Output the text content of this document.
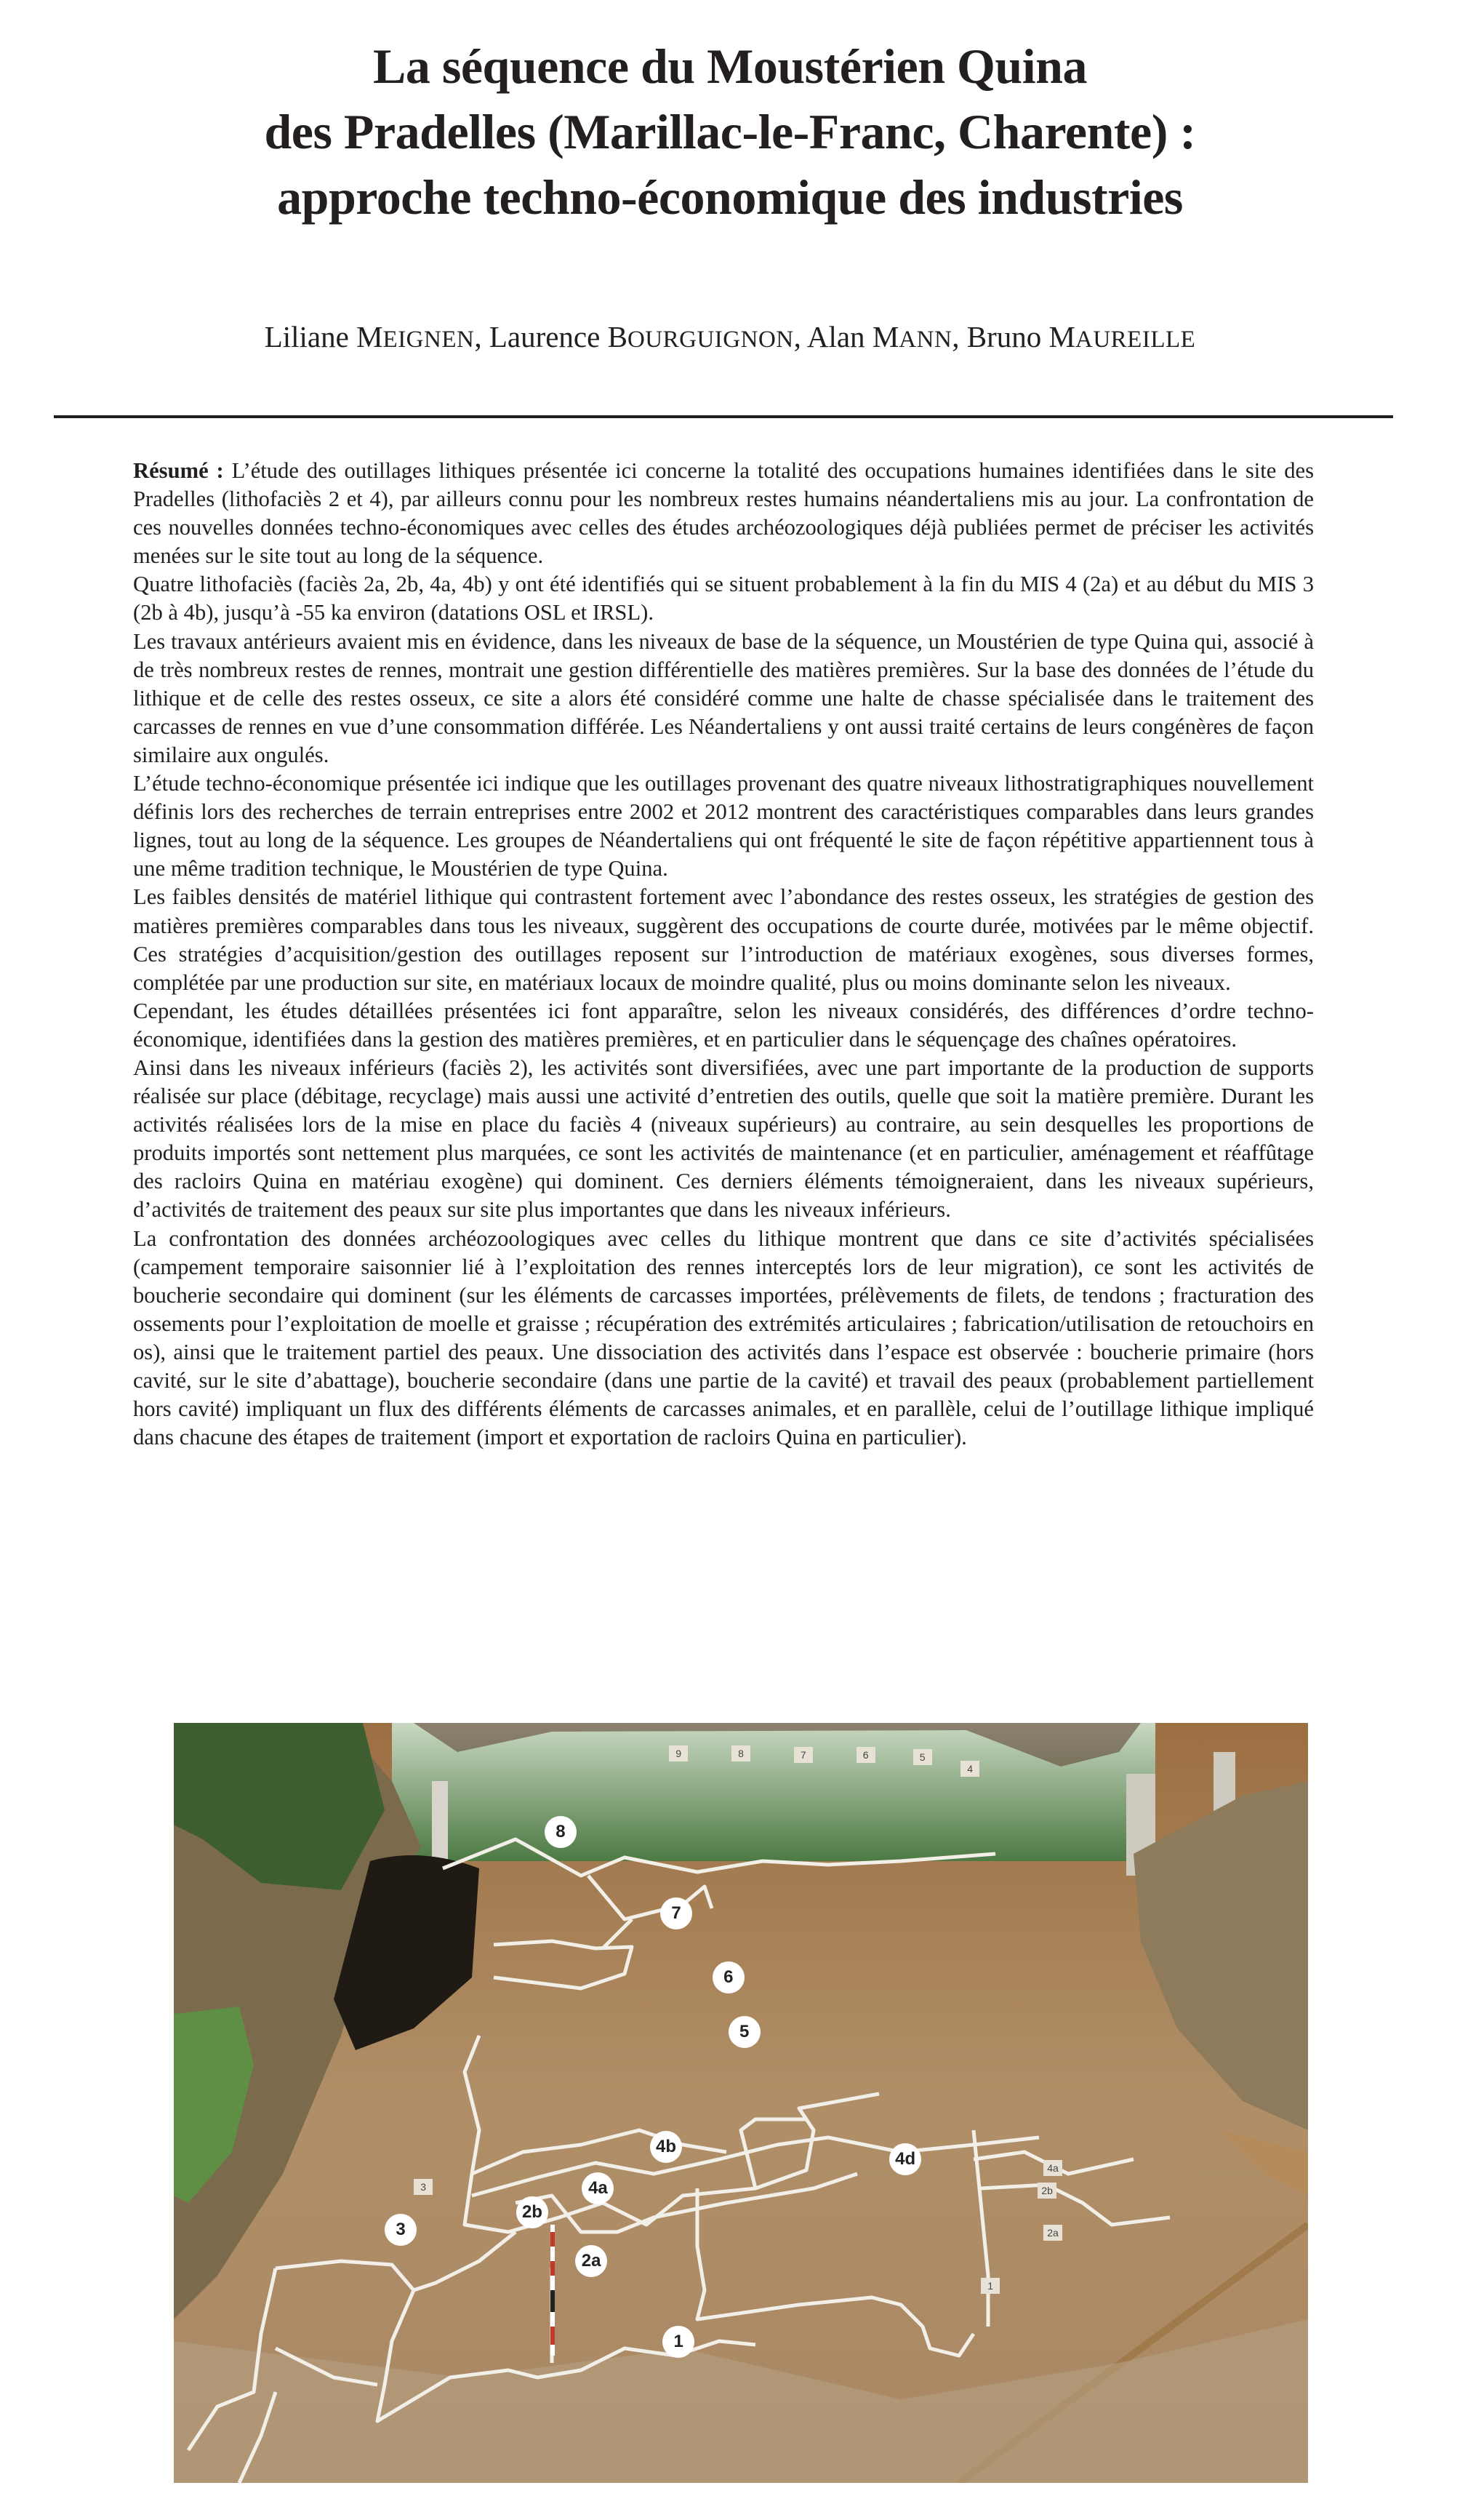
La séquence du Moustérien Quina
des Pradelles (Marillac-le-Franc, Charente) :
approche techno-économique des industries
Liliane MEIGNEN, Laurence BOURGUIGNON, Alan MANN, Bruno MAUREILLE

Résumé : L’étude des outillages lithiques présentée ici concerne la totalité des occupations humaines identifiées dans le site des Pradelles (lithofaciès 2 et 4), par ailleurs connu pour les nombreux restes humains néandertaliens mis au jour. La confrontation de ces nouvelles données techno-économiques avec celles des études archéozoologiques déjà publiées permet de préciser les activités menées sur le site tout au long de la séquence.

Quatre lithofaciès (faciès 2a, 2b, 4a, 4b) y ont été identifiés qui se situent probablement à la fin du MIS 4 (2a) et au début du MIS 3 (2b à 4b), jusqu’à -55 ka environ (datations OSL et IRSL).

Les travaux antérieurs avaient mis en évidence, dans les niveaux de base de la séquence, un Moustérien de type Quina qui, associé à de très nombreux restes de rennes, montrait une gestion différentielle des matières premières. Sur la base des données de l’étude du lithique et de celle des restes osseux, ce site a alors été considéré comme une halte de chasse spécialisée dans le traitement des carcasses de rennes en vue d’une consommation différée. Les Néandertaliens y ont aussi traité certains de leurs congénères de façon similaire aux ongulés.

L’étude techno-économique présentée ici indique que les outillages provenant des quatre niveaux lithostratigraphiques nouvellement définis lors des recherches de terrain entreprises entre 2002 et 2012 montrent des caractéristiques comparables dans leurs grandes lignes, tout au long de la séquence. Les groupes de Néandertaliens qui ont fréquenté le site de façon répétitive appartiennent tous à une même tradition technique, le Moustérien de type Quina.

Les faibles densités de matériel lithique qui contrastent fortement avec l’abondance des restes osseux, les stratégies de gestion des matières premières comparables dans tous les niveaux, suggèrent des occupations de courte durée, motivées par le même objectif. Ces stratégies d’acquisition/gestion des outillages reposent sur l’introduction de matériaux exogènes, sous diverses formes, complétée par une production sur site, en matériaux locaux de moindre qualité, plus ou moins dominante selon les niveaux.

Cependant, les études détaillées présentées ici font apparaître, selon les niveaux considérés, des différences d’ordre techno-économique, identifiées dans la gestion des matières premières, et en particulier dans le séquençage des chaînes opératoires.

Ainsi dans les niveaux inférieurs (faciès 2), les activités sont diversifiées, avec une part importante de la production de supports réalisée sur place (débitage, recyclage) mais aussi une activité d’entretien des outils, quelle que soit la matière première. Durant les activités réalisées lors de la mise en place du faciès 4 (niveaux supérieurs) au contraire, au sein desquelles les proportions de produits importés sont nettement plus marquées, ce sont les activités de maintenance (et en particulier, aménagement et réaffûtage des racloirs Quina en matériau exogène) qui dominent. Ces derniers éléments témoigneraient, dans les niveaux supérieurs, d’activités de traitement des peaux sur site plus importantes que dans les niveaux inférieurs.

La confrontation des données archéozoologiques avec celles du lithique montrent que dans ce site d’activités spécialisées (campement temporaire saisonnier lié à l’exploitation des rennes interceptés lors de leur migration), ce sont les activités de boucherie secondaire qui dominent (sur les éléments de carcasses importées, prélèvements de filets, de tendons ; fracturation des ossements pour l’exploitation de moelle et graisse ; récupération des extrémités articulaires ; fabrication/utilisation de retouchoirs en os), ainsi que le traitement partiel des peaux. Une dissociation des activités dans l’espace est observée : boucherie primaire (hors cavité, sur le site d’abattage), boucherie secondaire (dans une partie de la cavité) et travail des peaux (probablement partiellement hors cavité) impliquant un flux des différents éléments de carcasses animales, et en parallèle, celui de l’outillage lithique impliqué dans chacune des étapes de traitement (import et exportation de racloirs Quina en particulier).

9	8	7	6	5
4
3
4a
2b
2a
1
8
7
6
5
4b
4d
4a
3
2b
2a
1
